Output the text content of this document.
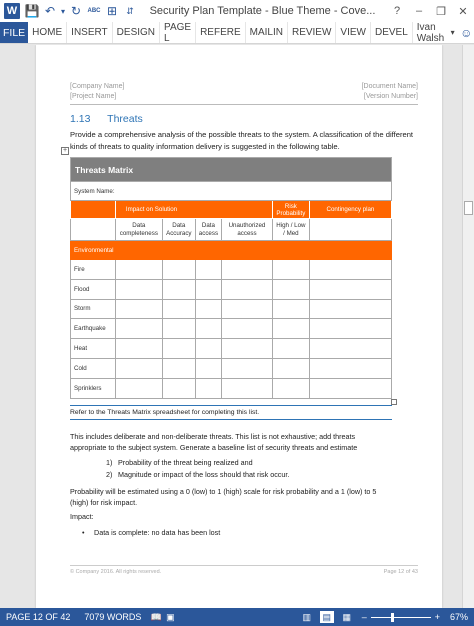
W 💾 ↶ ▾ ↻	ABC ⊞	⇵	Security Plan Template - Blue Theme - Cove...	?	–	❐	✕
FILE HOME INSERT DESIGN PAGE L	REFERE MAILIN REVIEW VIEW DEVEL Ivan Walsh ▾ ☺
[Company Name]
[Project Name]
[Document Name]
[Version Number]
1.13 Threats
Provide a comprehensive analysis of the possible threats to the system. A classification of the different kinds of threats to quality information delivery is suggested in the following table.
+
Threats Matrix						
System Name:						
	Impact on Solution				Risk Probability	Contingency plan
	Data completeness	Data Accuracy	Data access	Unauthorized access	High / Low / Med	
Environmental						
Fire						
Flood						
Storm						
Earthquake						
Heat						
Cold						
Sprinklers						
Refer to the Threats Matrix spreadsheet for completing this list.
This includes deliberate and non-deliberate threats. This list is not exhaustive; add threats appropriate to the subject system. Generate a baseline list of security threats and estimate
1) Probability of the threat being realized and
2) Magnitude or impact of the loss should that risk occur.
Probability will be estimated using a 0 (low) to 1 (high) scale for risk probability and a 1 (low) to 5 (high) for risk impact.
Impact:
• Data is complete: no data has been lost
© Company 2016. All rights reserved.	Page 12 of 43
PAGE 12 OF 42	7079 WORDS	📖 ▣	▥	▤	▦	–	+	67%
